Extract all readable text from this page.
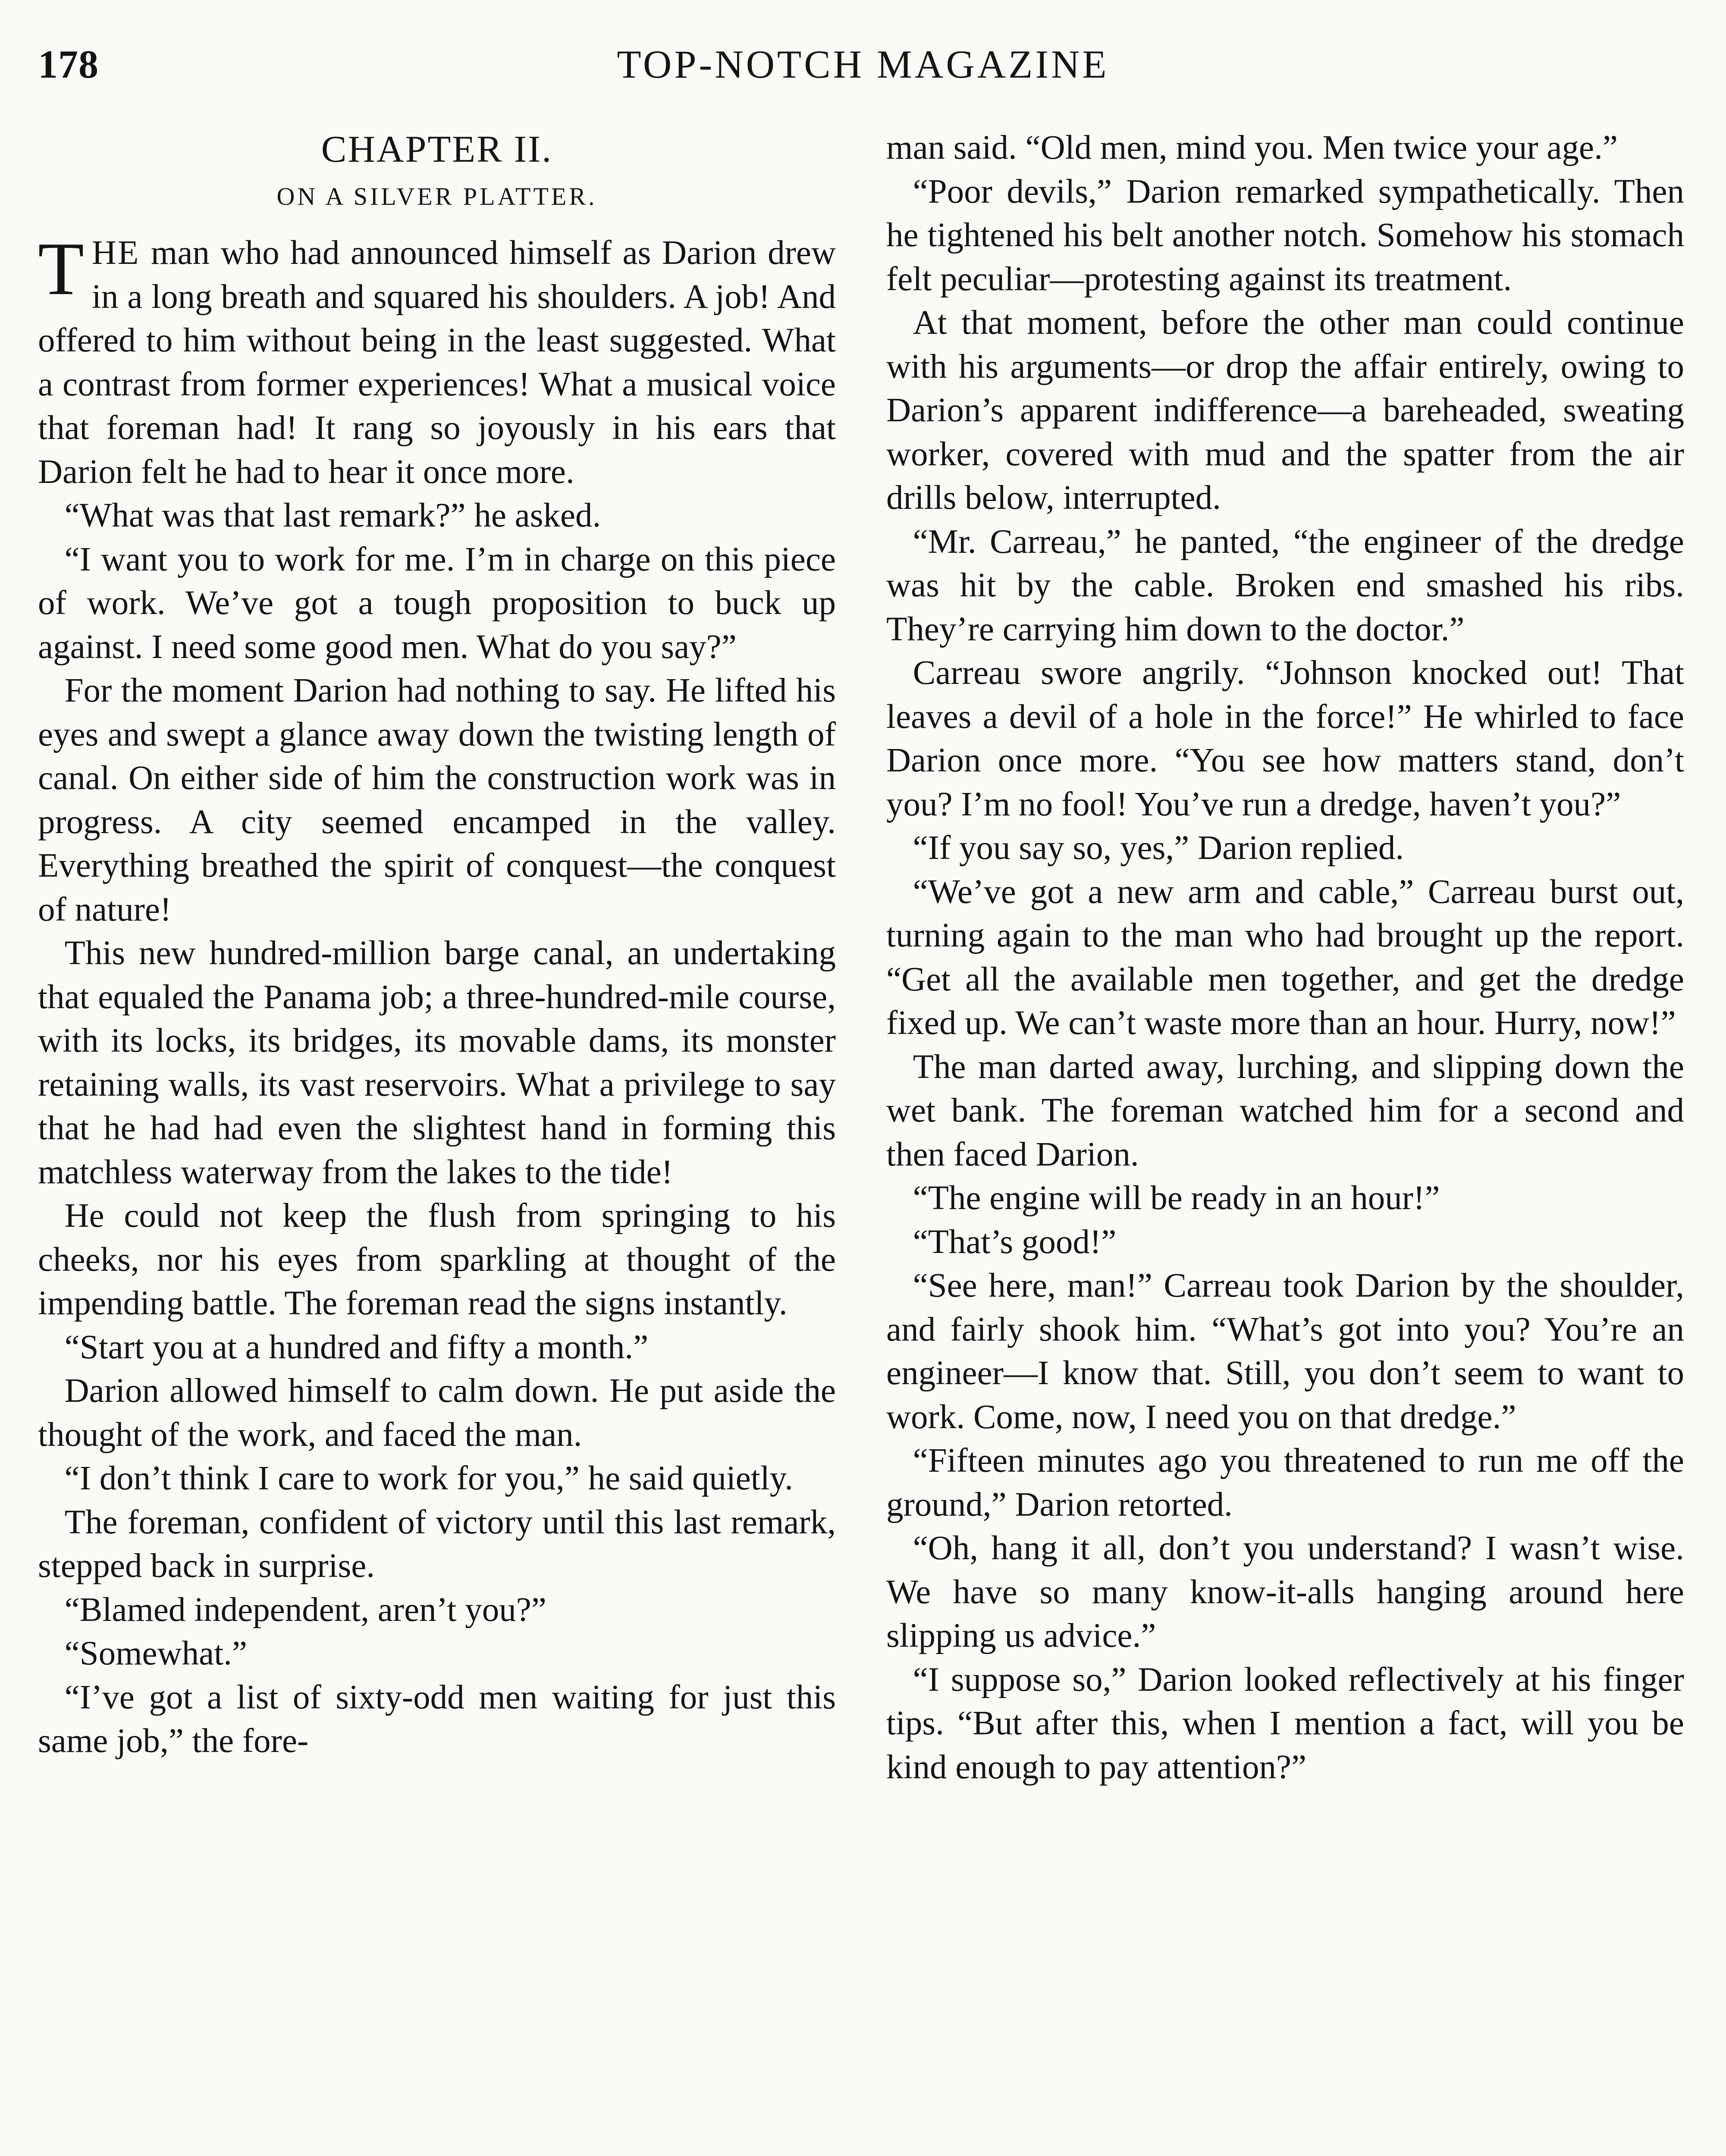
178	TOP-NOTCH MAGAZINE
CHAPTER II.
ON A SILVER PLATTER.

THE man who had announced himself as Darion drew in a long breath and squared his shoulders. A job! And offered to him without being in the least suggested. What a contrast from former experiences! What a musical voice that foreman had! It rang so joyously in his ears that Darion felt he had to hear it once more.

“What was that last remark?” he asked.

“I want you to work for me. I’m in charge on this piece of work. We’ve got a tough proposition to buck up against. I need some good men. What do you say?”

For the moment Darion had nothing to say. He lifted his eyes and swept a glance away down the twisting length of canal. On either side of him the construction work was in progress. A city seemed encamped in the valley. Everything breathed the spirit of conquest—the conquest of nature!

This new hundred-million barge canal, an undertaking that equaled the Panama job; a three-hundred-mile course, with its locks, its bridges, its movable dams, its monster retaining walls, its vast reservoirs. What a privilege to say that he had had even the slightest hand in forming this matchless waterway from the lakes to the tide!

He could not keep the flush from springing to his cheeks, nor his eyes from sparkling at thought of the impending battle. The foreman read the signs instantly.

“Start you at a hundred and fifty a month.”

Darion allowed himself to calm down. He put aside the thought of the work, and faced the man.

“I don’t think I care to work for you,” he said quietly.

The foreman, confident of victory until this last remark, stepped back in surprise.

“Blamed independent, aren’t you?”

“Somewhat.”

“I’ve got a list of sixty-odd men waiting for just this same job,” the fore-

man said. “Old men, mind you. Men twice your age.”

“Poor devils,” Darion remarked sympathetically. Then he tightened his belt another notch. Somehow his stomach felt peculiar—protesting against its treatment.

At that moment, before the other man could continue with his arguments—or drop the affair entirely, owing to Darion’s apparent indifference—a bareheaded, sweating worker, covered with mud and the spatter from the air drills below, interrupted.

“Mr. Carreau,” he panted, “the engineer of the dredge was hit by the cable. Broken end smashed his ribs. They’re carrying him down to the doctor.”

Carreau swore angrily. “Johnson knocked out! That leaves a devil of a hole in the force!” He whirled to face Darion once more. “You see how matters stand, don’t you? I’m no fool! You’ve run a dredge, haven’t you?”

“If you say so, yes,” Darion replied.

“We’ve got a new arm and cable,” Carreau burst out, turning again to the man who had brought up the report. “Get all the available men together, and get the dredge fixed up. We can’t waste more than an hour. Hurry, now!”

The man darted away, lurching, and slipping down the wet bank. The foreman watched him for a second and then faced Darion.

“The engine will be ready in an hour!”

“That’s good!”

“See here, man!” Carreau took Darion by the shoulder, and fairly shook him. “What’s got into you? You’re an engineer—I know that. Still, you don’t seem to want to work. Come, now, I need you on that dredge.”

“Fifteen minutes ago you threatened to run me off the ground,” Darion retorted.

“Oh, hang it all, don’t you understand? I wasn’t wise. We have so many know-it-alls hanging around here slipping us advice.”

“I suppose so,” Darion looked reflectively at his finger tips. “But after this, when I mention a fact, will you be kind enough to pay attention?”
